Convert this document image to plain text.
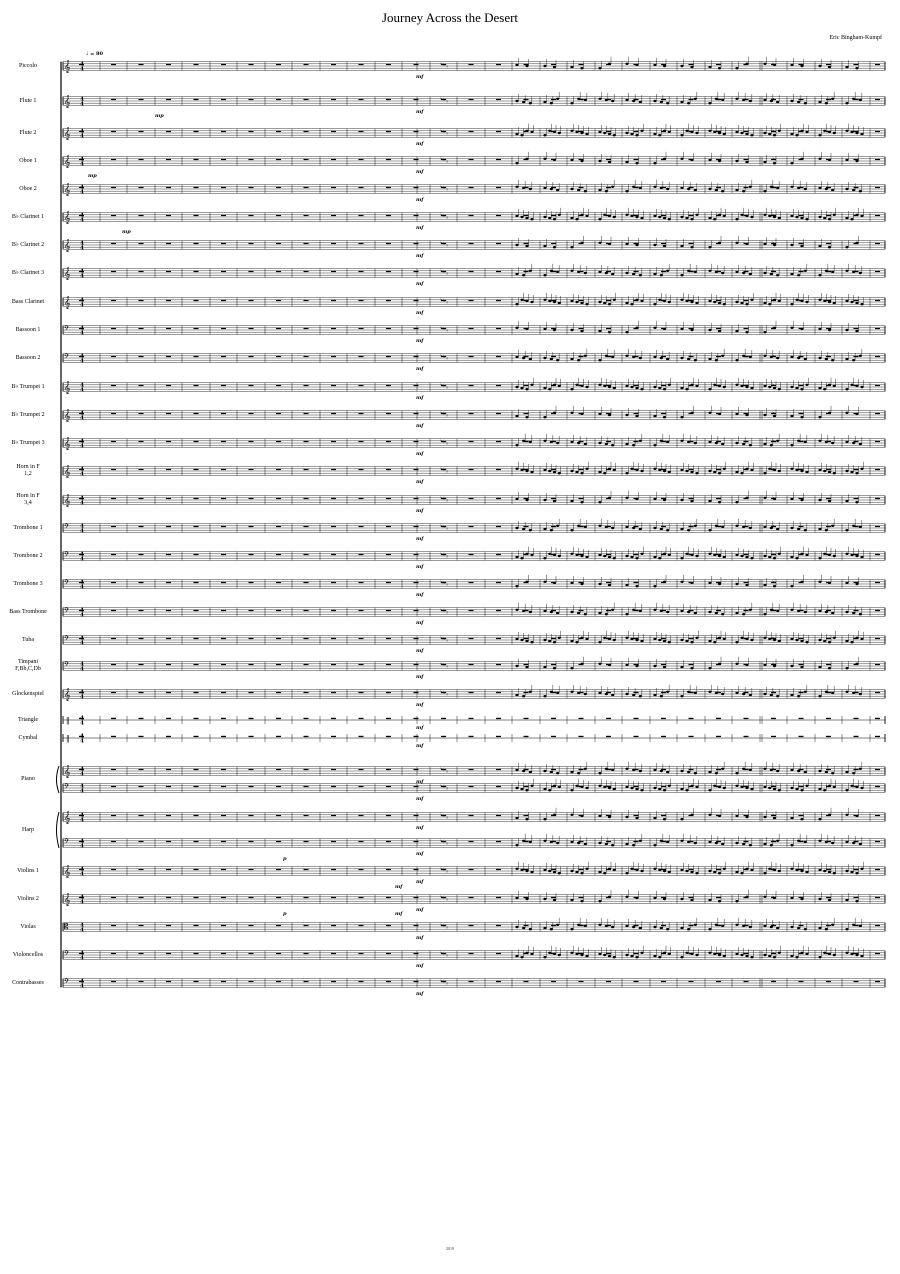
Journey Across the Desert
Eric Bingham-Kumpf
Piccolo
Flute 1
Flute 2
Oboe 1
Oboe 2
B♭ Clarinet 1
B♭ Clarinet 2
B♭ Clarinet 3
Bass Clarinet
Bassoon 1
Bassoon 2
B♭ Trumpet 1
B♭ Trumpet 2
B♭ Trumpet 3
Horn in F
1,2
Horn in F
3,4
Trombone 1
Trombone 2
Trombone 3
Bass Trombone
Tuba
Timpani
F,Bb,C,Db
Glockenspiel
Triangle
Cymbal
Piano
Harp
Violins 1
Violins 2
Violas
Violoncellos
Contrabasses
𝄞 4
4
♭ ♭ ♭	♭
mf
𝄞 4
4
♭ ♭ ♭	♭
mf
𝄞 4
4
♭ ♭ ♭	♭
mf
𝄞 4
4
♭ ♭ ♭	♭
mf
𝄞 4
4
♭ ♭ ♭	♭
mf
𝄞 4
4
♭ ♭ ♭	♭
mf
𝄞 4
4
♭ ♭ ♭	♭
mf
𝄞 4
4
♭ ♭ ♭	♭
mf
𝄞 4
4
♭ ♭ ♭	♭
mf
𝄢 4
4
♭ ♭ ♭	♭
mf
𝄢 4
4
♭ ♭ ♭	♭
mf
𝄞 4
4
♭ ♭ ♭	♭
mf
𝄞 4
4
♭ ♭ ♭	♭
mf
𝄞 4
4
♭ ♭ ♭	♭
mf
𝄞 4
4
♭ ♭ ♭	♭
mf
𝄞 4
4
♭ ♭ ♭	♭
mf
𝄢 4
4
♭ ♭ ♭	♭
mf
𝄢 4
4
♭ ♭ ♭	♭
mf
𝄢 4
4
♭ ♭ ♭	♭
mf
𝄢 4
4
♭ ♭ ♭	♭
mf
𝄢 4
4
♭ ♭ ♭	♭
mf
𝄢 4
4
♭ ♭ ♭	♭
mf
𝄞 4
4
♭ ♭ ♭	♭
mf
‖ 4
4
mf
‖ 4
4
mf
𝄞 4
4
♭ ♭ ♭	♭
mf
𝄢 4
4
♭ ♭ ♭	♭
mf
𝄞 4
4
♭ ♭ ♭	♭
mf
𝄢 4
4
♭ ♭ ♭	♭
mf
𝄞 4
4
♭ ♭ ♭	♭
mf
𝄞 4
4
♭ ♭ ♭	♭
mf
𝄡 4
4
♭ ♭ ♭	♭
mf
𝄢 4
4
♭ ♭ ♭	♭
mf
𝄢 4
4
♭ ♭ ♭	♭
mf
♩ = 80
mp
mp
mp
p
p
mf
mf
2019
